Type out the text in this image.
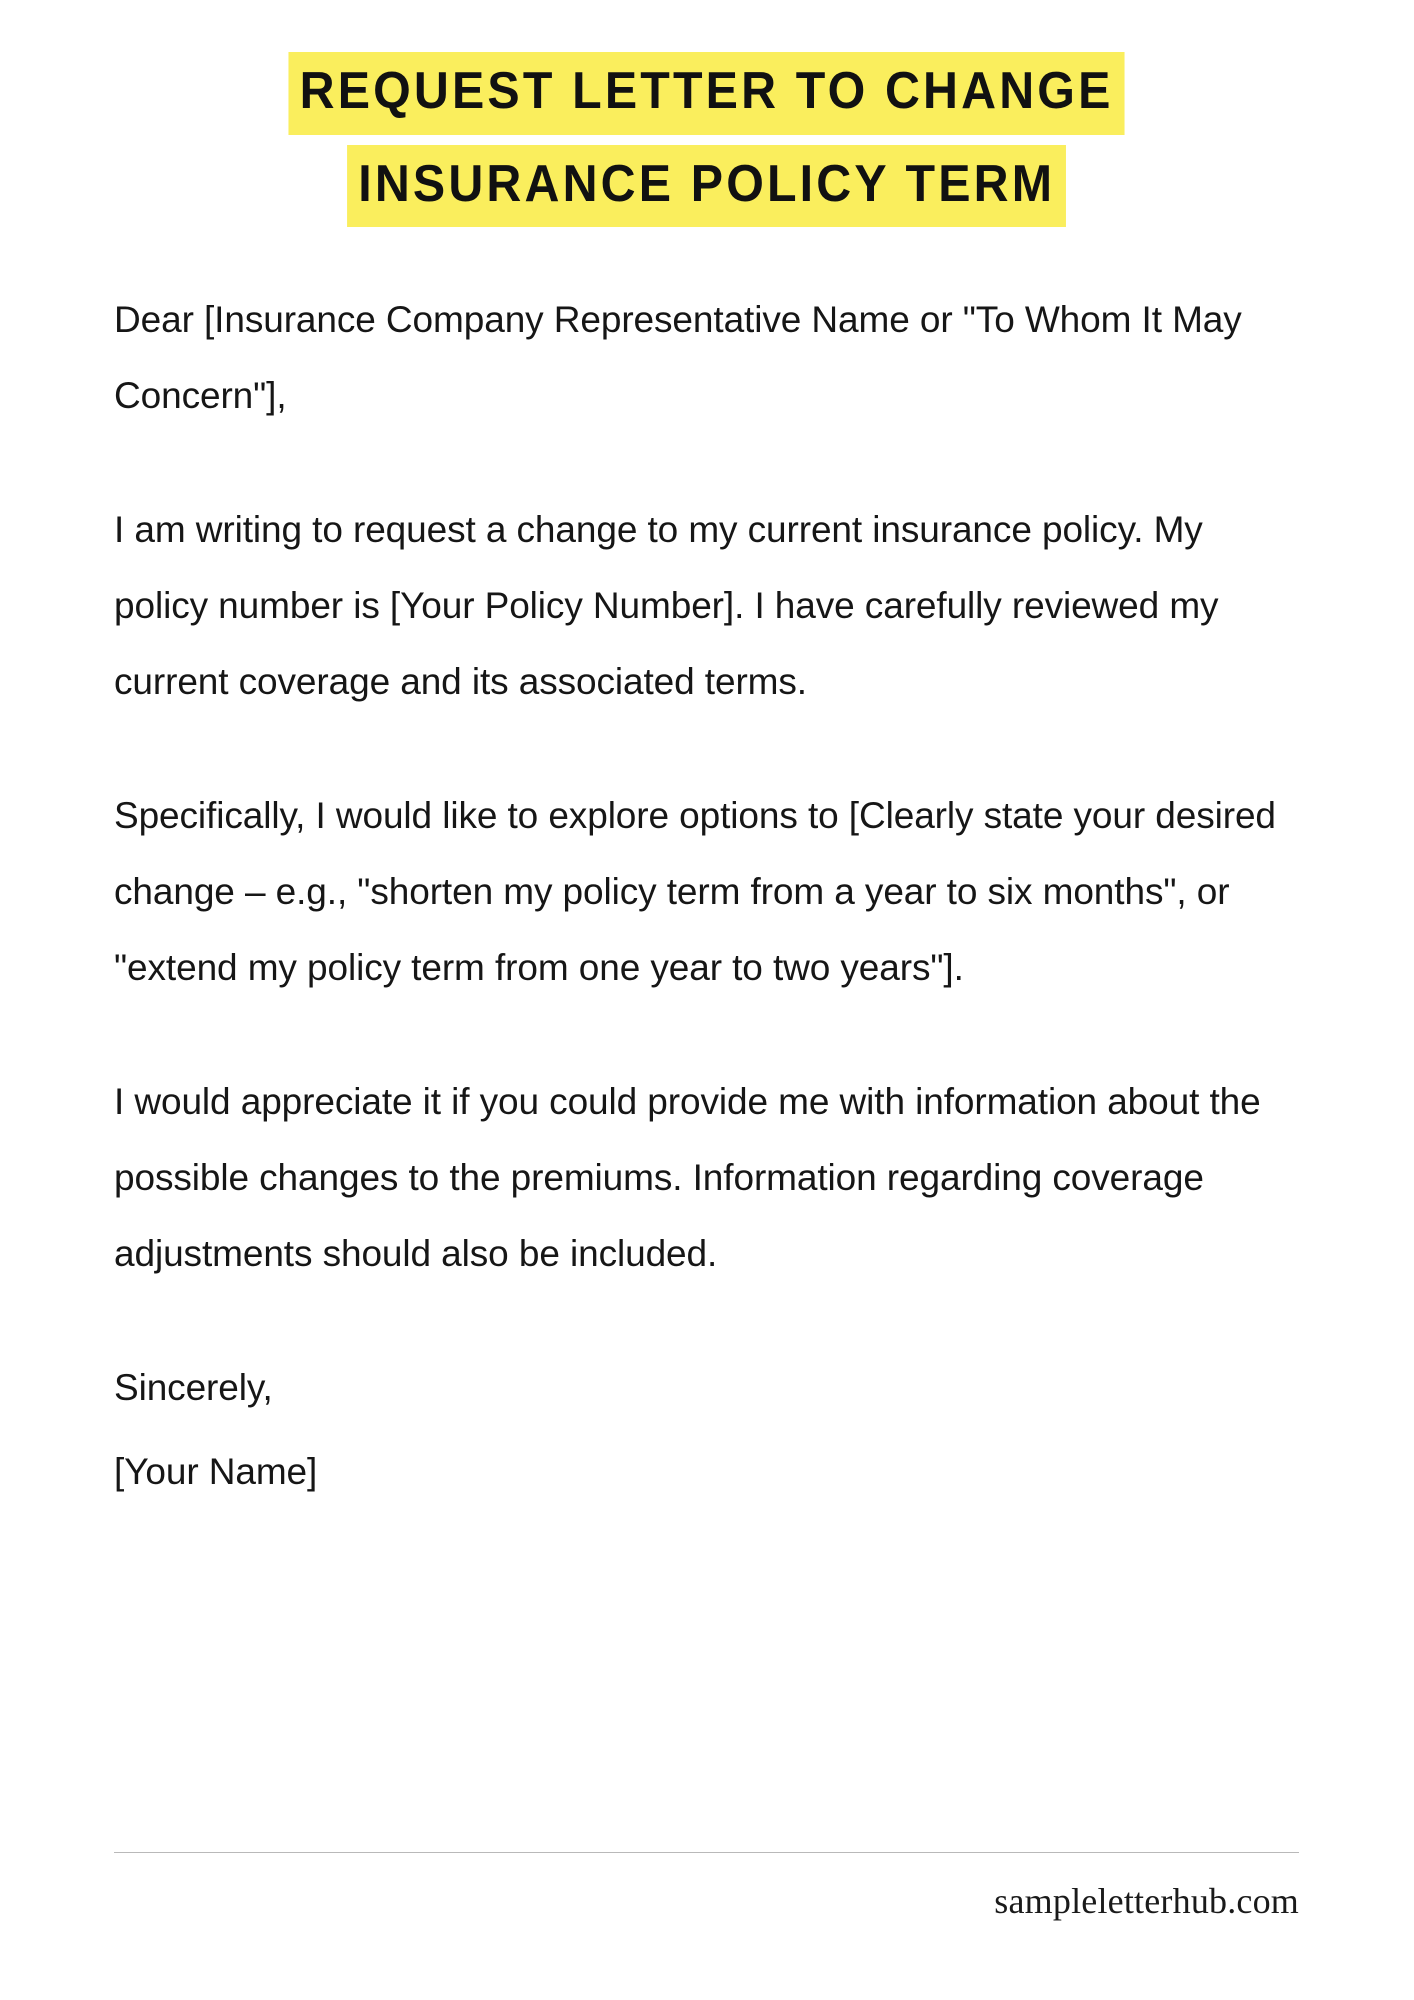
REQUEST LETTER TO CHANGE
INSURANCE POLICY TERM

Dear [Insurance Company Representative Name or "To Whom It May Concern"],

I am writing to request a change to my current insurance policy. My policy number is [Your Policy Number]. I have carefully reviewed my current coverage and its associated terms.

Specifically, I would like to explore options to [Clearly state your desired change – e.g., "shorten my policy term from a year to six months", or "extend my policy term from one year to two years"].

I would appreciate it if you could provide me with information about the possible changes to the premiums. Information regarding coverage adjustments should also be included.

Sincerely,

[Your Name]

sampleletterhub.com
